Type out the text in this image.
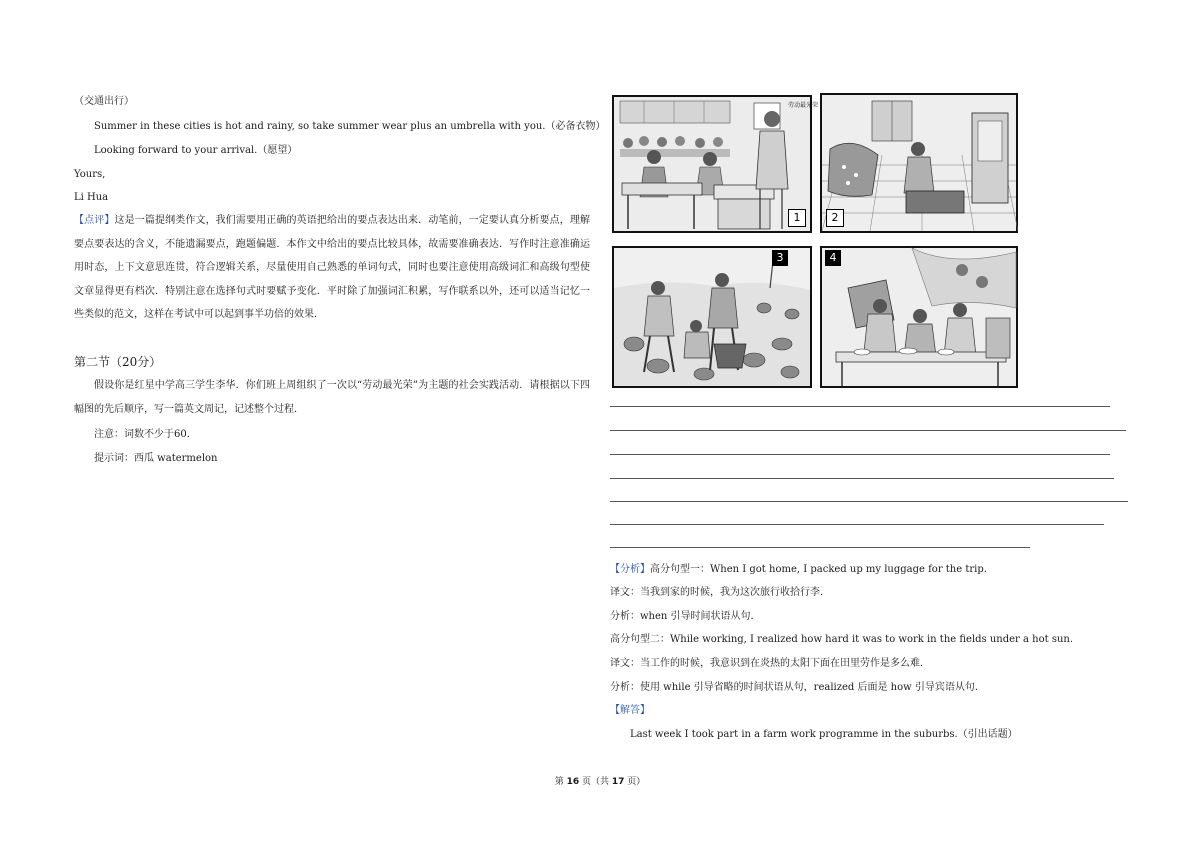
（交通出行）
Summer in these cities is hot and rainy, so take summer wear plus an umbrella with you.（必备衣物）
Looking forward to your arrival.（愿望）
Yours,
Li Hua
【点评】这是一篇提纲类作文，我们需要用正确的英语把给出的要点表达出来．动笔前，一定要认真分析要点，理解要点要表达的含义，不能遗漏要点，跑题偏题．本作文中给出的要点比较具体，故需要准确表达．写作时注意准确运用时态，上下文意思连贯，符合逻辑关系，尽量使用自己熟悉的单词句式，同时也要注意使用高级词汇和高级句型使文章显得更有档次．特别注意在选择句式时要赋予变化．平时除了加强词汇积累，写作联系以外，还可以适当记忆一些类似的范文，这样在考试中可以起到事半功倍的效果．
第二节（20分）
假设你是红星中学高三学生李华．你们班上周组织了一次以“劳动最光荣”为主题的社会实践活动．请根据以下四幅图的先后顺序，写一篇英文周记，记述整个过程．
注意：词数不少于60．
提示词：西瓜 watermelon
劳动最光荣
1	2
3	4
【分析】高分句型一：When I got home, I packed up my luggage for the trip.
译文：当我到家的时候，我为这次旅行收拾行李．
分析：when 引导时间状语从句．
高分句型二：While working, I realized how hard it was to work in the fields under a hot sun.
译文：当工作的时候，我意识到在炎热的太阳下面在田里劳作是多么难．
分析：使用 while 引导省略的时间状语从句，realized 后面是 how 引导宾语从句．
【解答】
Last week I took part in a farm work programme in the suburbs.（引出话题）
第 16 页（共 17 页）
